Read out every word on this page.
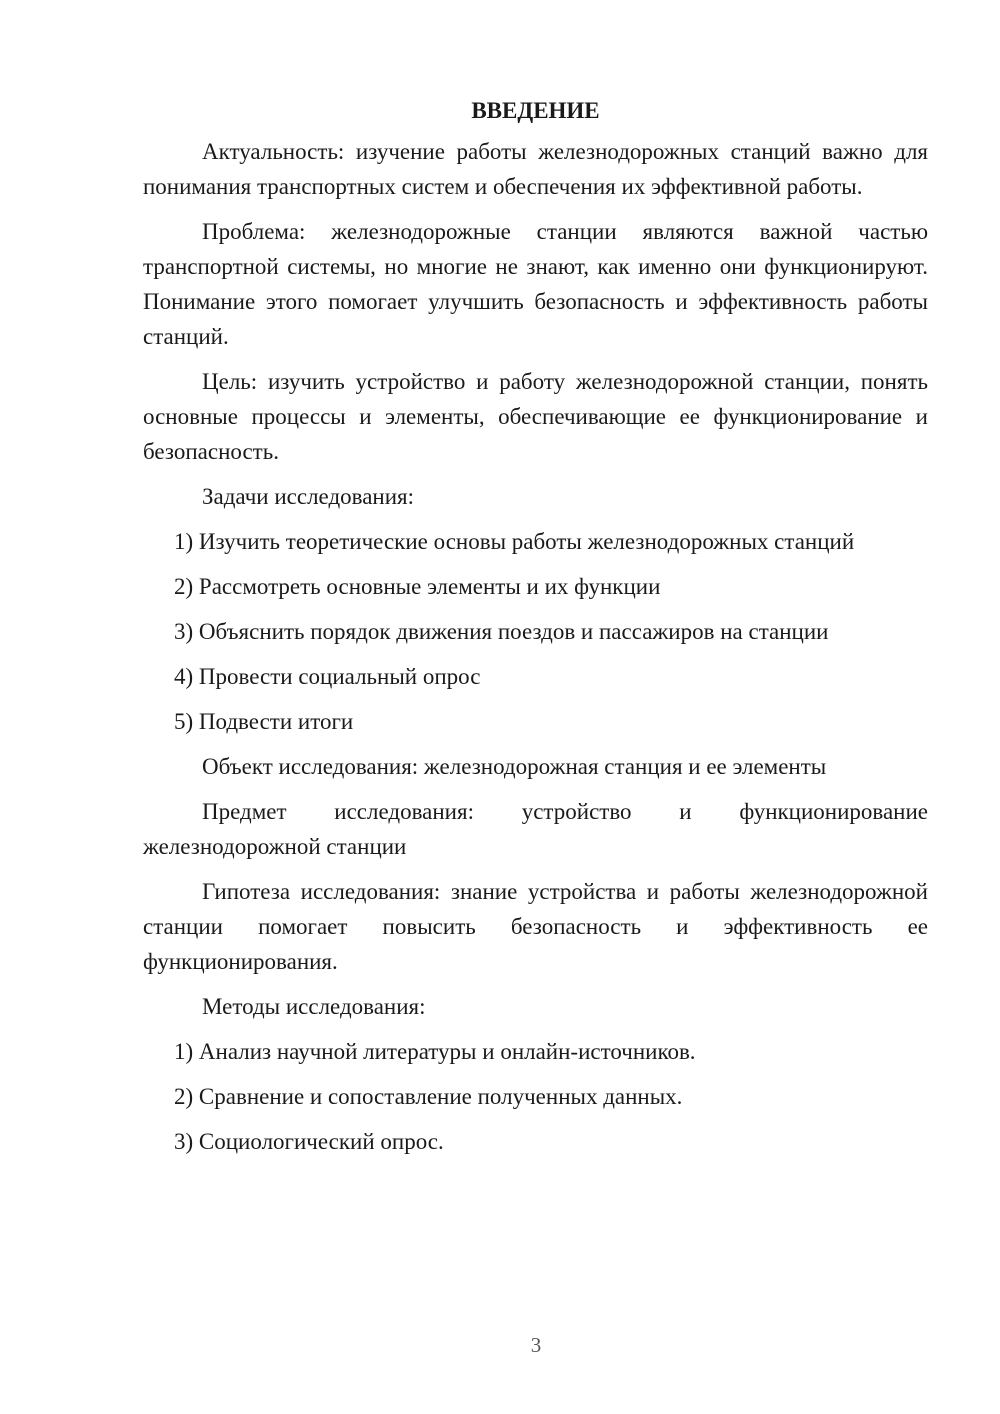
ВВЕДЕНИЕ

Актуальность: изучение работы железнодорожных станций важно для понимания транспортных систем и обеспечения их эффективной работы.

Проблема: железнодорожные станции являются важной частью транспортной системы, но многие не знают, как именно они функционируют. Понимание этого помогает улучшить безопасность и эффективность работы станций.

Цель: изучить устройство и работу железнодорожной станции, понять основные процессы и элементы, обеспечивающие ее функционирование и безопасность.

Задачи исследования:

1) Изучить теоретические основы работы железнодорожных станций
2) Рассмотреть основные элементы и их функции
3) Объяснить порядок движения поездов и пассажиров на станции
4) Провести социальный опрос
5) Подвести итоги

Объект исследования: железнодорожная станция и ее элементы

Предмет исследования: устройство и функционирование железнодорожной станции

Гипотеза исследования: знание устройства и работы железнодорожной станции помогает повысить безопасность и эффективность ее функционирования.

Методы исследования:

1) Анализ научной литературы и онлайн-источников.
2) Сравнение и сопоставление полученных данных.
3) Социологический опрос.
3
